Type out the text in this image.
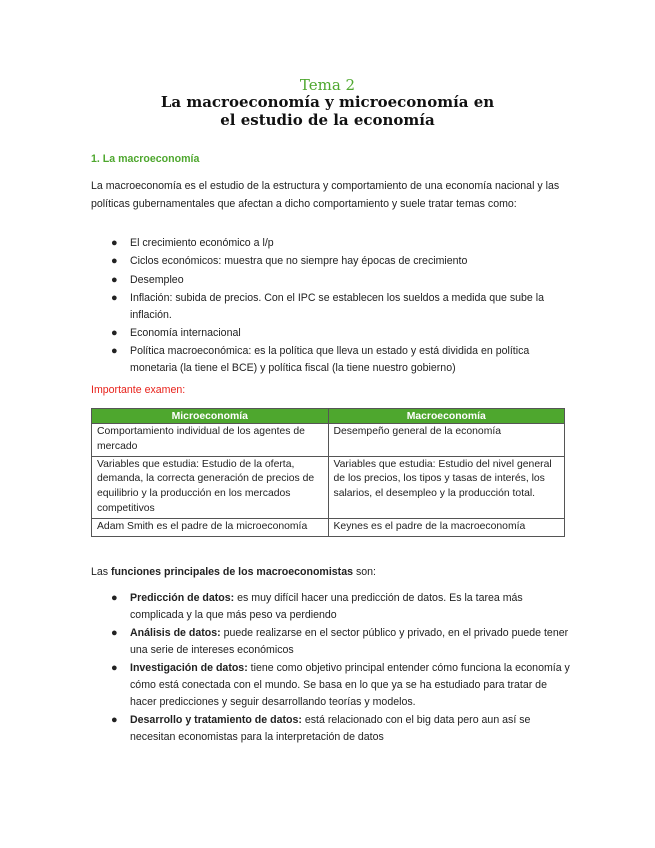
Tema 2
La macroeconomía y microeconomía en
el estudio de la economía
1. La macroeconomía

La macroeconomía es el estudio de la estructura y comportamiento de una economía nacional y las políticas gubernamentales que afectan a dicho comportamiento y suele tratar temas como:

● El crecimiento económico a l/p
● Ciclos económicos: muestra que no siempre hay épocas de crecimiento
● Desempleo
● Inflación: subida de precios. Con el IPC se establecen los sueldos a medida que sube la inflación.
● Economía internacional
● Política macroeconómica: es la política que lleva un estado y está dividida en política monetaria (la tiene el BCE) y política fiscal (la tiene nuestro gobierno)
Importante examen:
Microeconomía	Macroeconomía
Comportamiento individual de los agentes de mercado	Desempeño general de la economía
Variables que estudia: Estudio de la oferta, demanda, la correcta generación de precios de equilibrio y la producción en los mercados competitivos	Variables que estudia: Estudio del nivel general de los precios, los tipos y tasas de interés, los salarios, el desempleo y la producción total.
Adam Smith es el padre de la microeconomía	Keynes es el padre de la macroeconomía

Las funciones principales de los macroeconomistas son:

● Predicción de datos: es muy difícil hacer una predicción de datos. Es la tarea más complicada y la que más peso va perdiendo
● Análisis de datos: puede realizarse en el sector público y privado, en el privado puede tener una serie de intereses económicos
● Investigación de datos: tiene como objetivo principal entender cómo funciona la economía y cómo está conectada con el mundo. Se basa en lo que ya se ha estudiado para tratar de hacer predicciones y seguir desarrollando teorías y modelos.
● Desarrollo y tratamiento de datos: está relacionado con el big data pero aun así se necesitan economistas para la interpretación de datos
